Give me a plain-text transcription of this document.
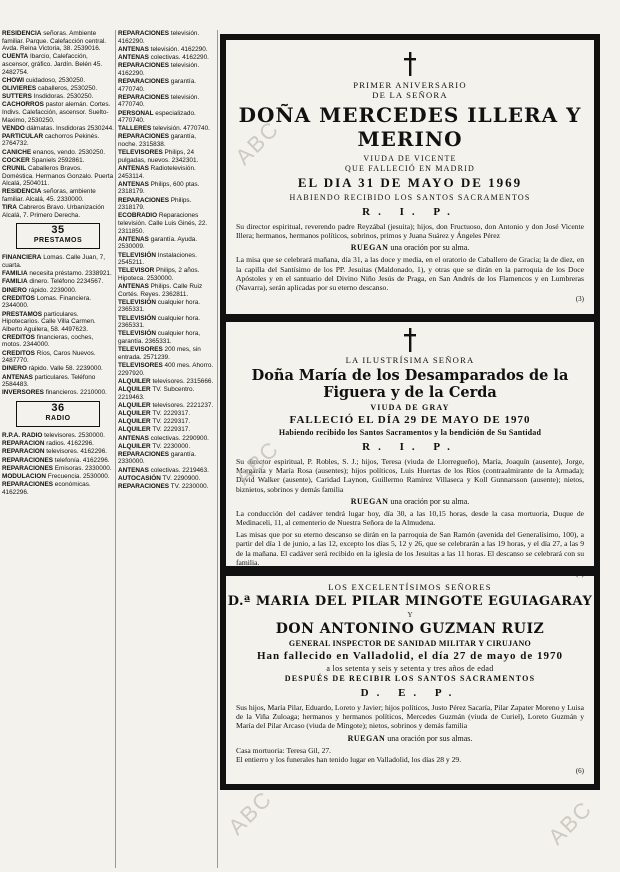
RESIDENCIA señoras. Ambiente familiar. Parque. Calefacción central. Avda. Reina Victoria, 38. 2539016.

CUENTA Ibarcio, Calefacción, ascensor, gráfico. Jardín. Belén 45. 2482754.

CHOWI cuidadoso, 2530250.

OLIVIERES caballeros, 2530250.

SUTTERS Insdidoras. 2530250.

CACHORROS pastor alemán. Cortes. Indivs. Calefacción, ascensor. Suelto-Maximo, 2530250.

VENDO dálmatas. Insdidoras 2530244.

PARTICULAR cachorros Pekinés. 2764732.

CANICHE enanos, vendo. 2530250.

COCKER Spaniels 2592861.

CRUNIL Caballeros Bravos. Doméstica. Hermanos Gonzalo. Puerta Alcalá, 2504011.

RESIDENCIA señoras, ambiente familiar. Alcalá, 45. 2330000.

TIRA Cabreros Bravo. Urbanización Alcalá, 7. Primero Derecha.

35
PRESTAMOS

FINANCIERA Lomas. Calle Juan, 7, cuarta.

FAMILIA necesita préstamo. 2338921.

FAMILIA dinero. Teléfono 2234567.

DINERO rápido. 2239000.

CREDITOS Lomas. Financiera. 2344000.

PRESTAMOS particulares. Hipotecarios. Calle Villa Carmen. Alberto Aguilera, 58. 4497623.

CREDITOS financieras, coches, motos. 2344000.

CREDITOS Ríos, Caros Nuevos. 2487770.

DINERO rápido. Valle 58. 2239000.

ANTENAS particulares. Teléfono 2584483.

INVERSORES financieros. 2210000.

36
RADIO

R.P.A. RADIO televisores. 2530000.

REPARACION radios. 4162296.

REPARACION televisores. 4162296.

REPARACIONES telefonía. 4162296.

REPARACIONES Emisoras. 2330000.

MODULACION Frecuencia. 2530000.

REPARACIONES económicas. 4162296.

REPARACIONES televisión. 4162290.

ANTENAS televisión. 4162290.

ANTENAS colectivas. 4162290.

REPARACIONES televisión. 4162290.

REPARACIONES garantía. 4770740.

REPARACIONES televisión. 4770740.

PERSONAL especializado. 4770740.

TALLERES televisión. 4770740.

REPARACIONES garantía, noche. 2315838.

TELEVISORES Philips, 24 pulgadas, nuevos. 2342301.

ANTENAS Radiotelevisión. 2453114.

ANTENAS Philips, 600 ptas. 2318179.

REPARACIONES Philips. 2318179.

ECOBRADIO Reparaciones televisión. Calle Luis Ginés, 22. 2311850.

ANTENAS garantía. Ayuda. 2530009.

TELEVISIÓN Instalaciones. 2545211.

TELEVISOR Philips, 2 años. Hipoteca. 2530000.

ANTENAS Philips. Calle Ruiz Cortés. Reyes. 2362811.

TELEVISIÓN cualquier hora. 2365331.

TELEVISIÓN cualquier hora. 2365331.

TELEVISIÓN cualquier hora, garantía. 2365331.

TELEVISORES 200 mes, sin entrada. 2571239.

TELEVISORES 400 mes. Ahorro. 2297920.

ALQUILER televisores. 2315666.

ALQUILER TV. Subcentro. 2219463.

ALQUILER televisores. 2221237.

ALQUILER TV. 2229317.

ALQUILER TV. 2229317.

ALQUILER TV. 2229317.

ANTENAS colectivas. 2290900.

ALQUILER TV. 2230000.

REPARACIONES garantía. 2330000.

ANTENAS colectivas. 2219463.

AUTOCASIÓN TV. 2290900.

REPARACIONES TV. 2230000.

PRIMER ANIVERSARIO

DE LA SEÑORA

DOÑA MERCEDES ILLERA Y MERINO

VIUDA DE VICENTE

QUE FALLECIÓ EN MADRID

EL DIA 31 DE MAYO DE 1969

HABIENDO RECIBIDO LOS SANTOS SACRAMENTOS

R. I. P.

Su director espiritual, reverendo padre Reyzábal (jesuita); hijos, don Fructuoso, don Antonio y don José Vicente Illera; hermanos, hermanos políticos, sobrinos, primos y Juana Suárez y Ángeles Pérez

RUEGAN una oración por su alma.

La misa que se celebrará mañana, día 31, a las doce y media, en el oratorio de Caballero de Gracia; la de diez, en la capilla del Santísimo de los PP. Jesuitas (Maldonado, 1), y otras que se dirán en la parroquia de los Doce Apóstoles y en el santuario del Divino Niño Jesús de Praga, en San Andrés de los Flamencos y en Lumbreras (Navarra), serán aplicadas por su eterno descanso.

(3)

LA ILUSTRÍSIMA SEÑORA

Doña María de los Desamparados de la Figuera y de la Cerda

VIUDA DE GRAY

FALLECIÓ EL DÍA 29 DE MAYO DE 1970

Habiendo recibido los Santos Sacramentos y la bendición de Su Santidad

R. I. P.

Su director espiritual, P. Robles, S. J.; hijos, Teresa (viuda de Llorregueño), María, Joaquín (ausente), Jorge, Margarita y María Rosa (ausentes); hijos políticos, Luis Huertas de los Ríos (contraalmirante de la Armada); David Walker (ausente), Caridad Laynon, Guillermo Ramírez Villaseca y Koll Gunnarsson (ausente); nietos, biznietos, sobrinos y demás familia

RUEGAN una oración por su alma.

La conducción del cadáver tendrá lugar hoy, día 30, a las 10,15 horas, desde la casa mortuoria, Duque de Medinaceli, 11, al cementerio de Nuestra Señora de la Almudena.

Las misas que por su eterno descanso se dirán en la parroquia de San Ramón (avenida del Generalísimo, 100), a partir del día 1 de junio, a las 12, excepto los días 5, 12 y 26, que se celebrarán a las 19 horas, y el día 27, a las 9 de la mañana. El cadáver será recibido en la iglesia de los Jesuitas a las 11 horas. El descanso se celebrará con su familia.

(5)

LOS EXCELENTÍSIMOS SEÑORES

D.ª MARIA DEL PILAR MINGOTE EGUIAGARAY

Y

DON ANTONINO GUZMAN RUIZ

GENERAL INSPECTOR DE SANIDAD MILITAR Y CIRUJANO

Han fallecido en Valladolid, el día 27 de mayo de 1970

a los setenta y seis y setenta y tres años de edad

DESPUÉS DE RECIBIR LOS SANTOS SACRAMENTOS

D. E. P.

Sus hijos, María Pilar, Eduardo, Loreto y Javier; hijos políticos, Justo Pérez Sacaría, Pilar Zapater Moreno y Luisa de la Viña Zuloaga; hermanos y hermanos políticos, Mercedes Guzmán (viuda de Curiel), Loreto Guzmán y María del Pilar Arcaso (viuda de Mingote); nietos, sobrinos y demás familia

RUEGAN una oración por sus almas.

Casa mortuoria: Teresa Gil, 27.

El entierro y los funerales han tenido lugar en Valladolid, los días 28 y 29.

(6)

ABC
ABC
ABC	ABC
